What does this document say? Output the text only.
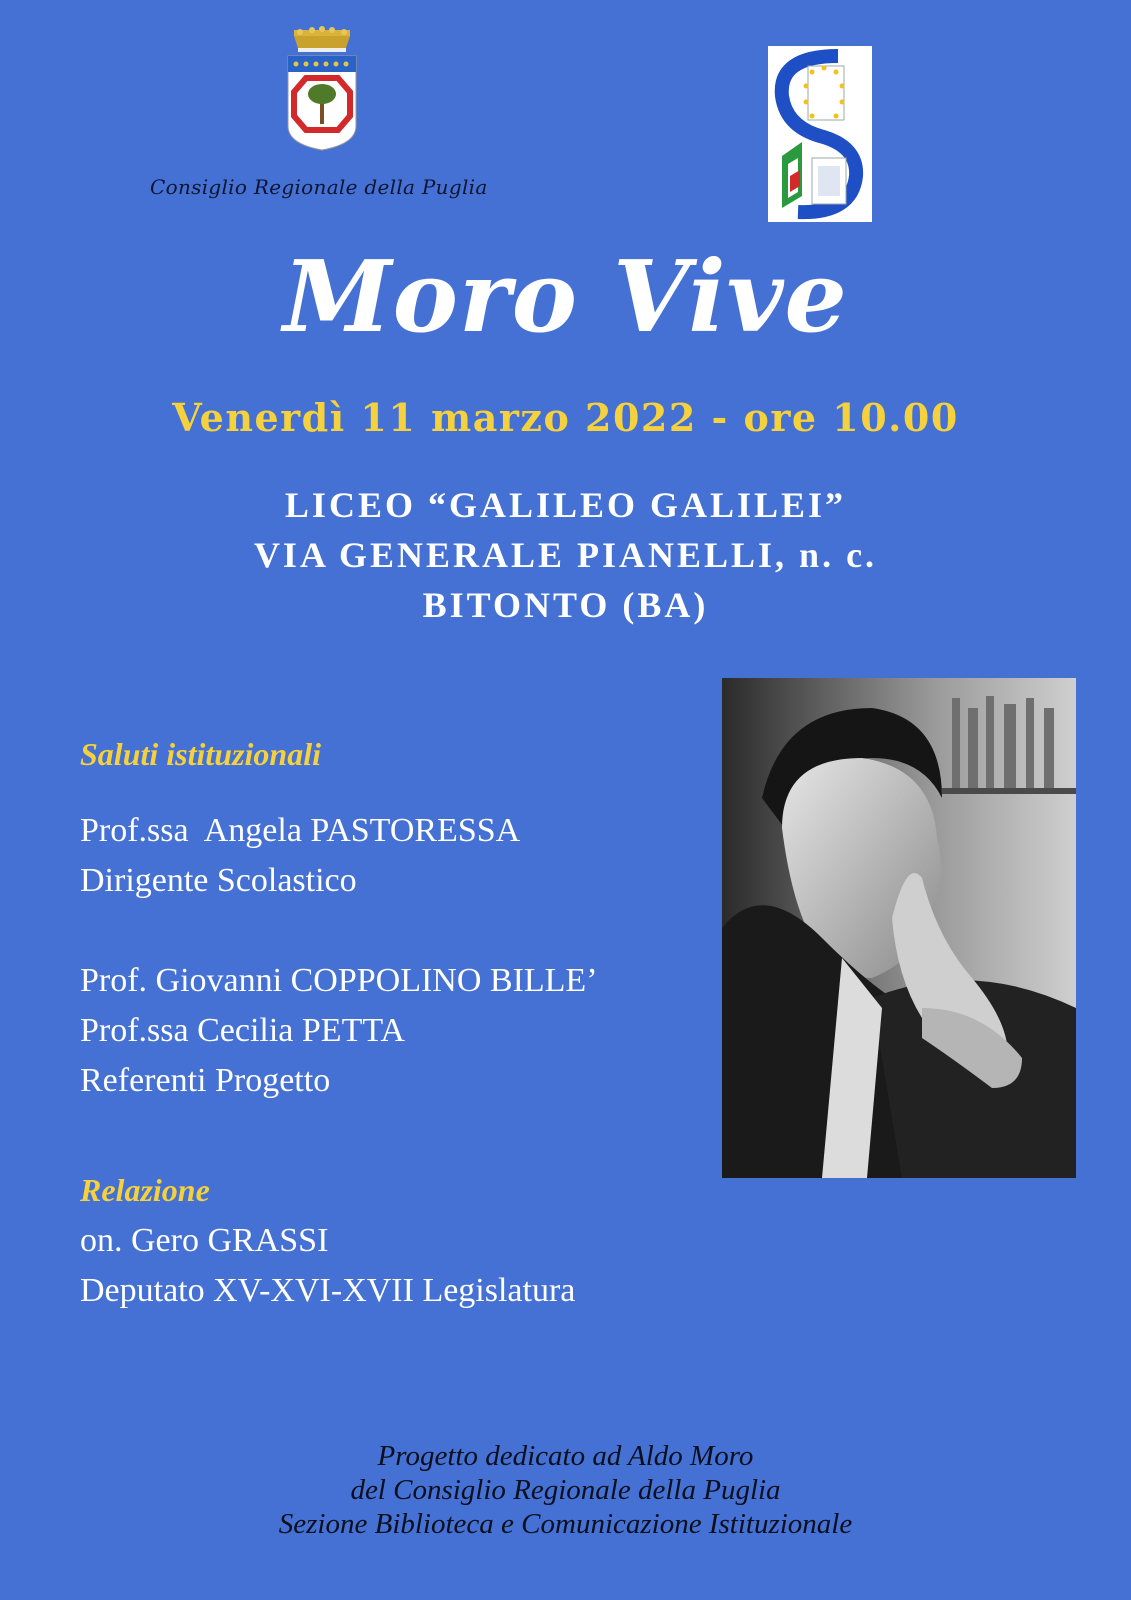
Consiglio Regionale della Puglia
Moro Vive
Venerdì 11 marzo 2022 - ore 10.00
LICEO “GALILEO GALILEI”
VIA GENERALE PIANELLI, n. c.
BITONTO (BA)
Saluti istituzionali
Prof.ssa  Angela PASTORESSA
Dirigente Scolastico
Prof. Giovanni COPPOLINO BILLE’
Prof.ssa Cecilia PETTA
Referenti Progetto
Relazione
on. Gero GRASSI
Deputato XV-XVI-XVII Legislatura
Progetto dedicato ad Aldo Moro
del Consiglio Regionale della Puglia
Sezione Biblioteca e Comunicazione Istituzionale
